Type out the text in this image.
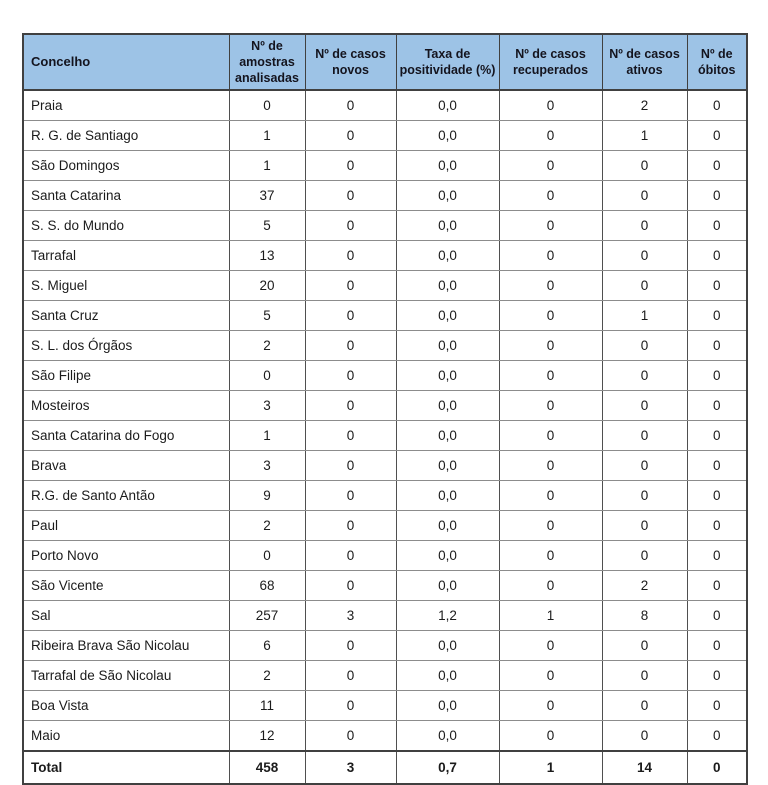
Concelho	Nº de amostras analisadas	Nº de casos novos	Taxa de positividade (%)	Nº de casos recuperados	Nº de casos ativos	Nº de óbitos
Praia	0	0	0,0	0	2	0
R. G. de Santiago	1	0	0,0	0	1	0
São Domingos	1	0	0,0	0	0	0
Santa Catarina	37	0	0,0	0	0	0
S. S. do Mundo	5	0	0,0	0	0	0
Tarrafal	13	0	0,0	0	0	0
S. Miguel	20	0	0,0	0	0	0
Santa Cruz	5	0	0,0	0	1	0
S. L. dos Órgãos	2	0	0,0	0	0	0
São Filipe	0	0	0,0	0	0	0
Mosteiros	3	0	0,0	0	0	0
Santa Catarina do Fogo	1	0	0,0	0	0	0
Brava	3	0	0,0	0	0	0
R.G. de Santo Antão	9	0	0,0	0	0	0
Paul	2	0	0,0	0	0	0
Porto Novo	0	0	0,0	0	0	0
São Vicente	68	0	0,0	0	2	0
Sal	257	3	1,2	1	8	0
Ribeira Brava São Nicolau	6	0	0,0	0	0	0
Tarrafal de São Nicolau	2	0	0,0	0	0	0
Boa Vista	11	0	0,0	0	0	0
Maio	12	0	0,0	0	0	0
Total	458	3	0,7	1	14	0
